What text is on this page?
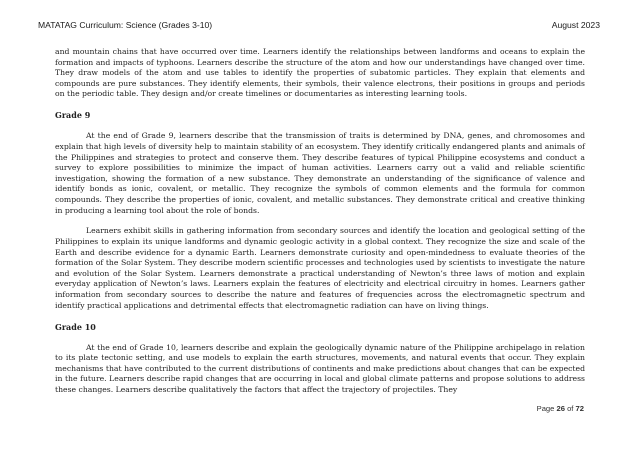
MATATAG Curriculum: Science (Grades 3-10)	August 2023

and mountain chains that have occurred over time. Learners identify the relationships between landforms and oceans to explain the formation and impacts of typhoons. Learners describe the structure of the atom and how our understandings have changed over time. They draw models of the atom and use tables to identify the properties of subatomic particles. They explain that elements and compounds are pure substances. They identify elements, their symbols, their valence electrons, their positions in groups and periods on the periodic table. They design and/or create timelines or documentaries as interesting learning tools.

Grade 9

At the end of Grade 9, learners describe that the transmission of traits is determined by DNA, genes, and chromosomes and explain that high levels of diversity help to maintain stability of an ecosystem. They identify critically endangered plants and animals of the Philippines and strategies to protect and conserve them. They describe features of typical Philippine ecosystems and conduct a survey to explore possibilities to minimize the impact of human activities. Learners carry out a valid and reliable scientific investigation, showing the formation of a new substance. They demonstrate an understanding of the significance of valence and identify bonds as ionic, covalent, or metallic. They recognize the symbols of common elements and the formula for common compounds. They describe the properties of ionic, covalent, and metallic substances. They demonstrate critical and creative thinking in producing a learning tool about the role of bonds.

Learners exhibit skills in gathering information from secondary sources and identify the location and geological setting of the Philippines to explain its unique landforms and dynamic geologic activity in a global context. They recognize the size and scale of the Earth and describe evidence for a dynamic Earth. Learners demonstrate curiosity and open-mindedness to evaluate theories of the formation of the Solar System. They describe modern scientific processes and technologies used by scientists to investigate the nature and evolution of the Solar System. Learners demonstrate a practical understanding of Newton’s three laws of motion and explain everyday application of Newton’s laws. Learners explain the features of electricity and electrical circuitry in homes. Learners gather information from secondary sources to describe the nature and features of frequencies across the electromagnetic spectrum and identify practical applications and detrimental effects that electromagnetic radiation can have on living things.

Grade 10

At the end of Grade 10, learners describe and explain the geologically dynamic nature of the Philippine archipelago in relation to its plate tectonic setting, and use models to explain the earth structures, movements, and natural events that occur. They explain mechanisms that have contributed to the current distributions of continents and make predictions about changes that can be expected in the future. Learners describe rapid changes that are occurring in local and global climate patterns and propose solutions to address these changes. Learners describe qualitatively the factors that affect the trajectory of projectiles. They

Page 26 of 72
